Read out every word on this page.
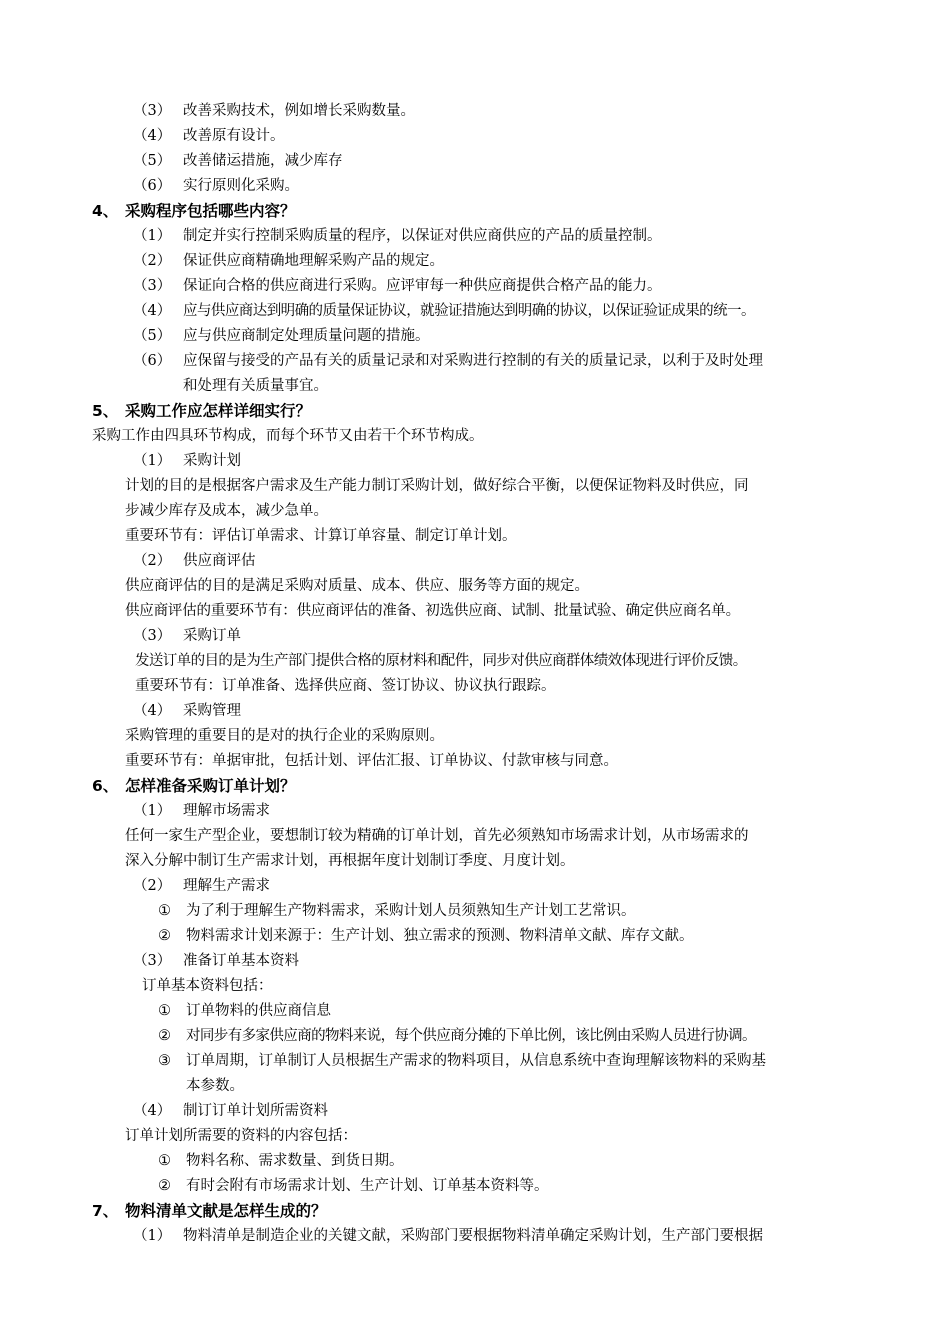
（3） 改善采购技术，例如增长采购数量。
（4） 改善原有设计。
（5） 改善储运措施，减少库存
（6） 实行原则化采购。
4、 采购程序包括哪些内容？
（1） 制定并实行控制采购质量的程序，以保证对供应商供应的产品的质量控制。
（2） 保证供应商精确地理解采购产品的规定。
（3） 保证向合格的供应商进行采购。应评审每一种供应商提供合格产品的能力。
（4） 应与供应商达到明确的质量保证协议，就验证措施达到明确的协议，以保证验证成果的统一。
（5） 应与供应商制定处理质量问题的措施。
（6） 应保留与接受的产品有关的质量记录和对采购进行控制的有关的质量记录，以利于及时处理
和处理有关质量事宜。
5、 采购工作应怎样详细实行？
采购工作由四具环节构成，而每个环节又由若干个环节构成。
（1） 采购计划
计划的目的是根据客户需求及生产能力制订采购计划，做好综合平衡，以便保证物料及时供应，同
步减少库存及成本，减少急单。
重要环节有：评估订单需求、计算订单容量、制定订单计划。
（2） 供应商评估
供应商评估的目的是满足采购对质量、成本、供应、服务等方面的规定。
供应商评估的重要环节有：供应商评估的准备、初选供应商、试制、批量试验、确定供应商名单。
（3） 采购订单
发送订单的目的是为生产部门提供合格的原材料和配件，同步对供应商群体绩效体现进行评价反馈。
重要环节有：订单准备、选择供应商、签订协议、协议执行跟踪。
（4） 采购管理
采购管理的重要目的是对的执行企业的采购原则。
重要环节有：单据审批，包括计划、评估汇报、订单协议、付款审核与同意。
6、 怎样准备采购订单计划？
（1） 理解市场需求
任何一家生产型企业，要想制订较为精确的订单计划，首先必须熟知市场需求计划，从市场需求的
深入分解中制订生产需求计划，再根据年度计划制订季度、月度计划。
（2） 理解生产需求
① 为了利于理解生产物料需求，采购计划人员须熟知生产计划工艺常识。
② 物料需求计划来源于：生产计划、独立需求的预测、物料清单文献、库存文献。
（3） 准备订单基本资料
订单基本资料包括：
① 订单物料的供应商信息
② 对同步有多家供应商的物料来说，每个供应商分摊的下单比例，该比例由采购人员进行协调。
③ 订单周期，订单制订人员根据生产需求的物料项目，从信息系统中查询理解该物料的采购基
本参数。
（4） 制订订单计划所需资料
订单计划所需要的资料的内容包括：
① 物料名称、需求数量、到货日期。
② 有时会附有市场需求计划、生产计划、订单基本资料等。
7、 物料清单文献是怎样生成的？
（1） 物料清单是制造企业的关键文献，采购部门要根据物料清单确定采购计划，生产部门要根据
